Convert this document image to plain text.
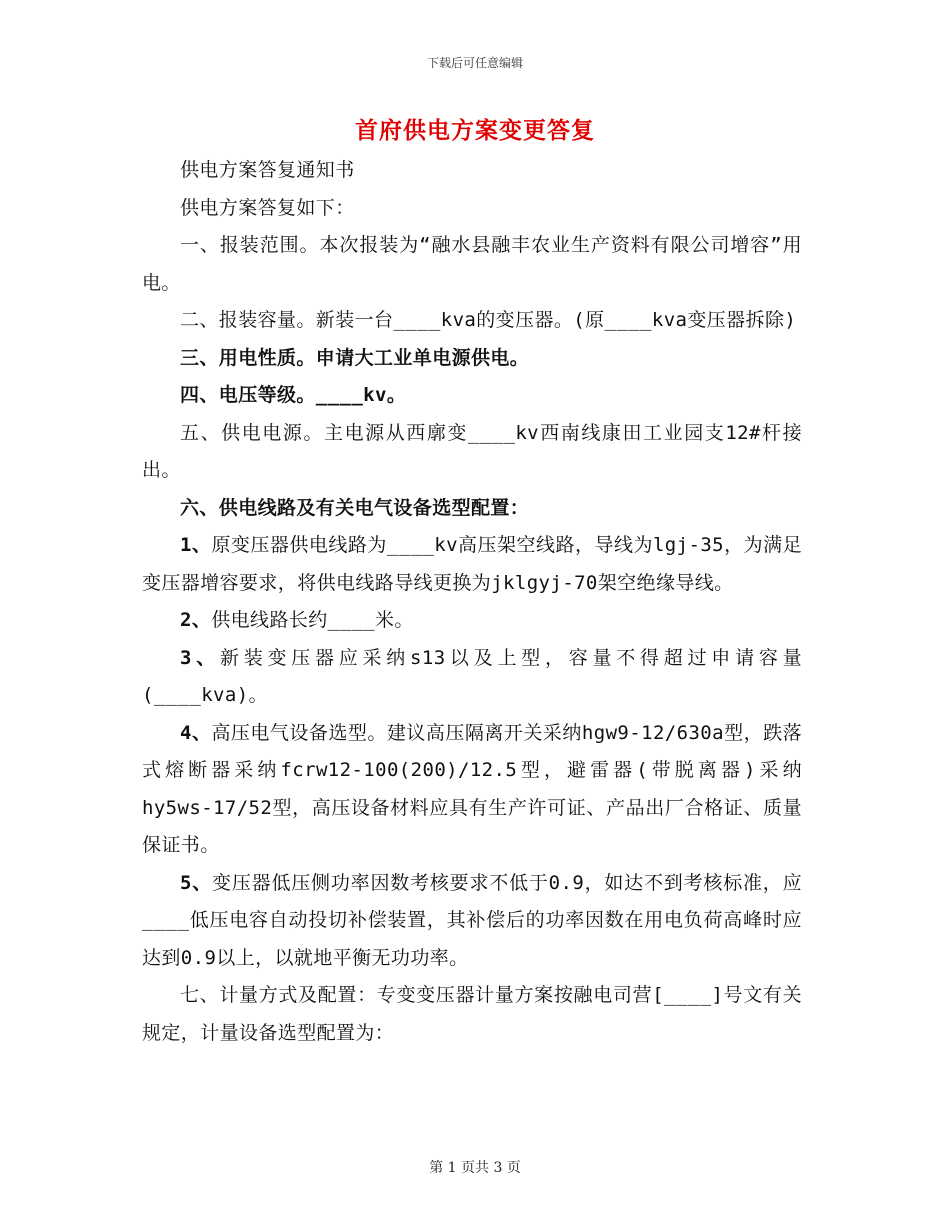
下载后可任意编辑
首府供电方案变更答复

供电方案答复通知书

供电方案答复如下：

一、报装范围。本次报装为“融水县融丰农业生产资料有限公司增容”用电。

二、报装容量。新装一台____kva的变压器。(原____kva变压器拆除)

三、用电性质。申请大工业单电源供电。

四、电压等级。____kv。

五、供电电源。主电源从西廓变____kv西南线康田工业园支12#杆接出。

六、供电线路及有关电气设备选型配置：

1、原变压器供电线路为____kv高压架空线路，导线为lgj-35，为满足变压器增容要求，将供电线路导线更换为jklgyj-70架空绝缘导线。

2、供电线路长约____米。

3、新装变压器应采纳s13以及上型，容量不得超过申请容量(____kva)。

4、高压电气设备选型。建议高压隔离开关采纳hgw9-12/630a型，跌落式熔断器采纳fcrw12-100(200)/12.5型，避雷器(带脱离器)采纳hy5ws-17/52型，高压设备材料应具有生产许可证、产品出厂合格证、质量保证书。

5、变压器低压侧功率因数考核要求不低于0.9，如达不到考核标准，应____低压电容自动投切补偿装置，其补偿后的功率因数在用电负荷高峰时应达到0.9以上，以就地平衡无功功率。

七、计量方式及配置：专变变压器计量方案按融电司营[____]号文有关规定，计量设备选型配置为：

第 1 页共 3 页
